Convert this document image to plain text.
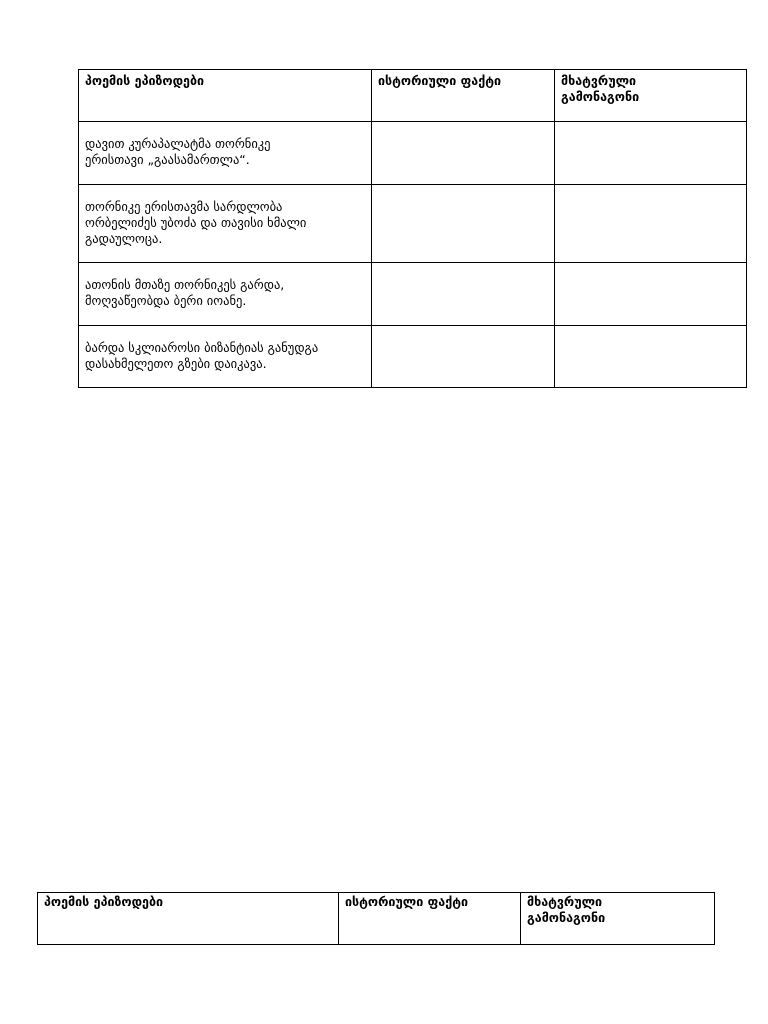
პოემის ეპიზოდები	ისტორიული ფაქტი	მხატვრული
გამონაგონი

დავით კურაპალატმა თორნიკე
ერისთავი „გაასამართლა“.		

თორნიკე ერისთავმა სარდლობა
ორბელიძეს უბოძა და თავისი ხმალი
გადაულოცა.		

ათონის მთაზე თორნიკეს გარდა,
მოღვაწეობდა ბერი იოანე.		

ბარდა სკლიაროსი ბიზანტიას განუდგა
დასახმელეთო გზები დაიკავა.		

პოემის ეპიზოდები	ისტორიული ფაქტი	მხატვრული
გამონაგონი
